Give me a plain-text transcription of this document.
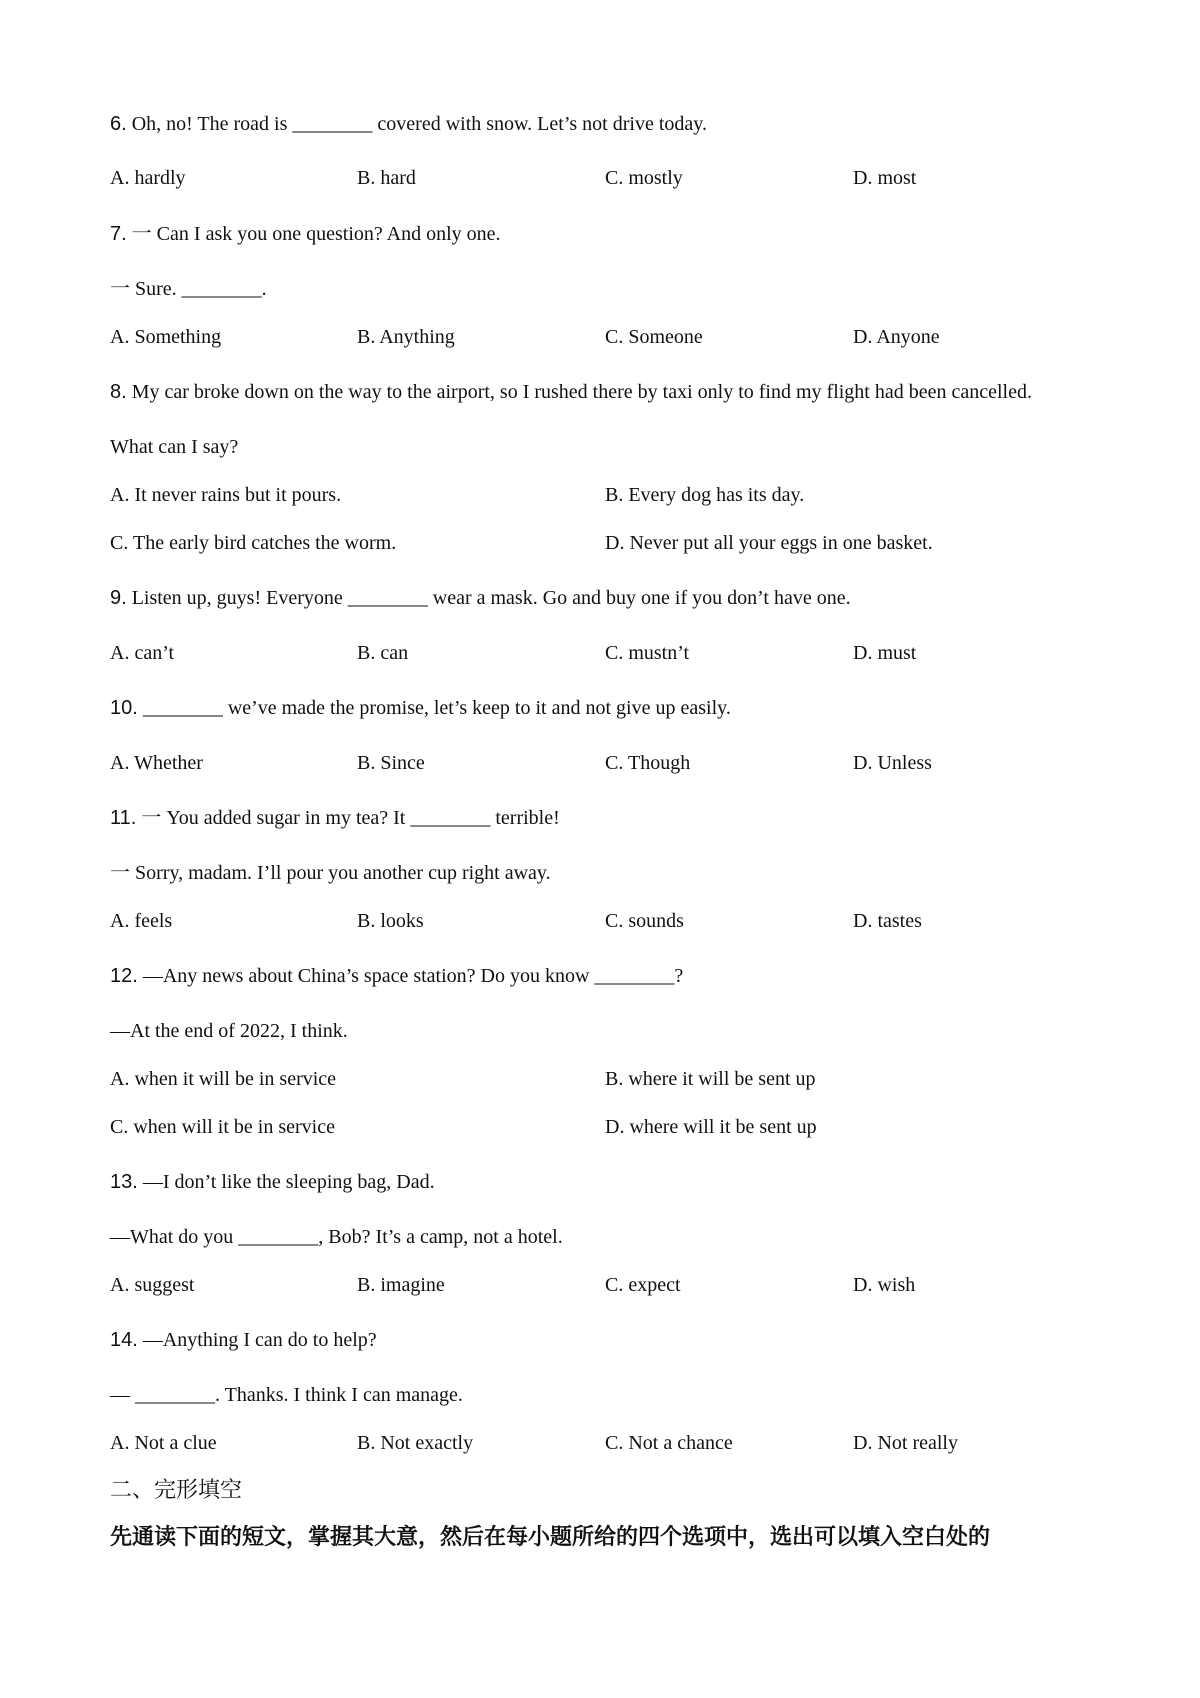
6. Oh, no! The road is ________ covered with snow. Let’s not drive today.
A. hardly	B. hard	C. mostly	D. most
7. 一 Can I ask you one question? And only one.
一 Sure. ________.
A. Something	B. Anything	C. Someone	D. Anyone
8. My car broke down on the way to the airport, so I rushed there by taxi only to find my flight had been cancelled.
What can I say?
A. It never rains but it pours.	B. Every dog has its day.
C. The early bird catches the worm.	D. Never put all your eggs in one basket.
9. Listen up, guys! Everyone ________ wear a mask. Go and buy one if you don’t have one.
A. can’t	B. can	C. mustn’t	D. must
10. ________ we’ve made the promise, let’s keep to it and not give up easily.
A. Whether	B. Since	C. Though	D. Unless
11. 一 You added sugar in my tea? It ________ terrible!
一 Sorry, madam. I’ll pour you another cup right away.
A. feels	B. looks	C. sounds	D. tastes
12. —Any news about China’s space station? Do you know ________?
—At the end of 2022, I think.
A. when it will be in service	B. where it will be sent up
C. when will it be in service	D. where will it be sent up
13. —I don’t like the sleeping bag, Dad.
—What do you ________, Bob? It’s a camp, not a hotel.
A. suggest	B. imagine	C. expect	D. wish
14. —Anything I can do to help?
— ________. Thanks. I think I can manage.
A. Not a clue	B. Not exactly	C. Not a chance	D. Not really
二、完形填空
先通读下面的短文，掌握其大意，然后在每小题所给的四个选项中，选出可以填入空白处的
